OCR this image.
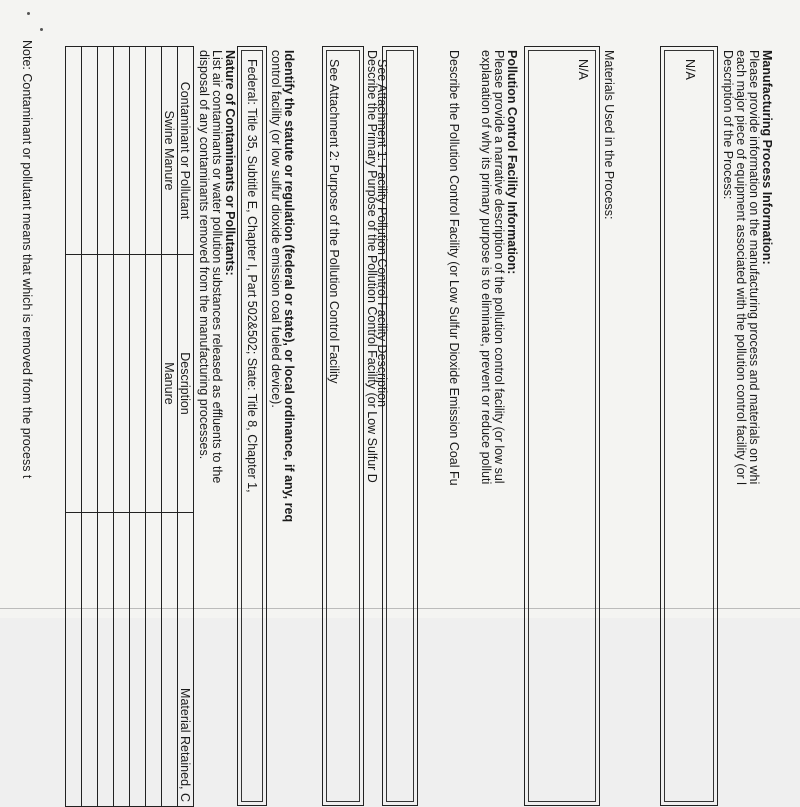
Manufacturing Process Information:
Please provide information on the manufacturing process and materials on whi
each major piece of equipment associated with the pollution control facility (or l
Description of the Process:
N/A
Materials Used in the Process:
N/A
Pollution Control Facility Information:
Please provide a narrative description of the pollution control facility (or low sul
explanation of why its primary purpose is to eliminate, prevent or reduce polluti
Describe the Pollution Control Facility (or Low Sulfur Dioxide Emission Coal Fu
See Attachment 1: Facility Pollution Control Facility Description
Describe the Primary Purpose of the Pollution Control Facility (or Low Sulfur D
See Attachment 2: Purpose of the Pollution Control Facility
Identify the statute or regulation (federal or state), or local ordinance, if any, req
control facility (or low sulfur dioxide emission coal fueled device).
Federal: Title 35, Subtitle E, Chapter I, Part 502&502; State: Title 8, Chapter 1,
Nature of Contaminants or Pollutants:
List air contaminants or water pollution substances released as effluents to the
disposal of any contaminants removed from the manufacturing processes.
Contaminant or Pollutant	Description	Material Retained, C
Swine Manure	Manure	

Note: Contaminant or pollutant means that which is removed from the process t
